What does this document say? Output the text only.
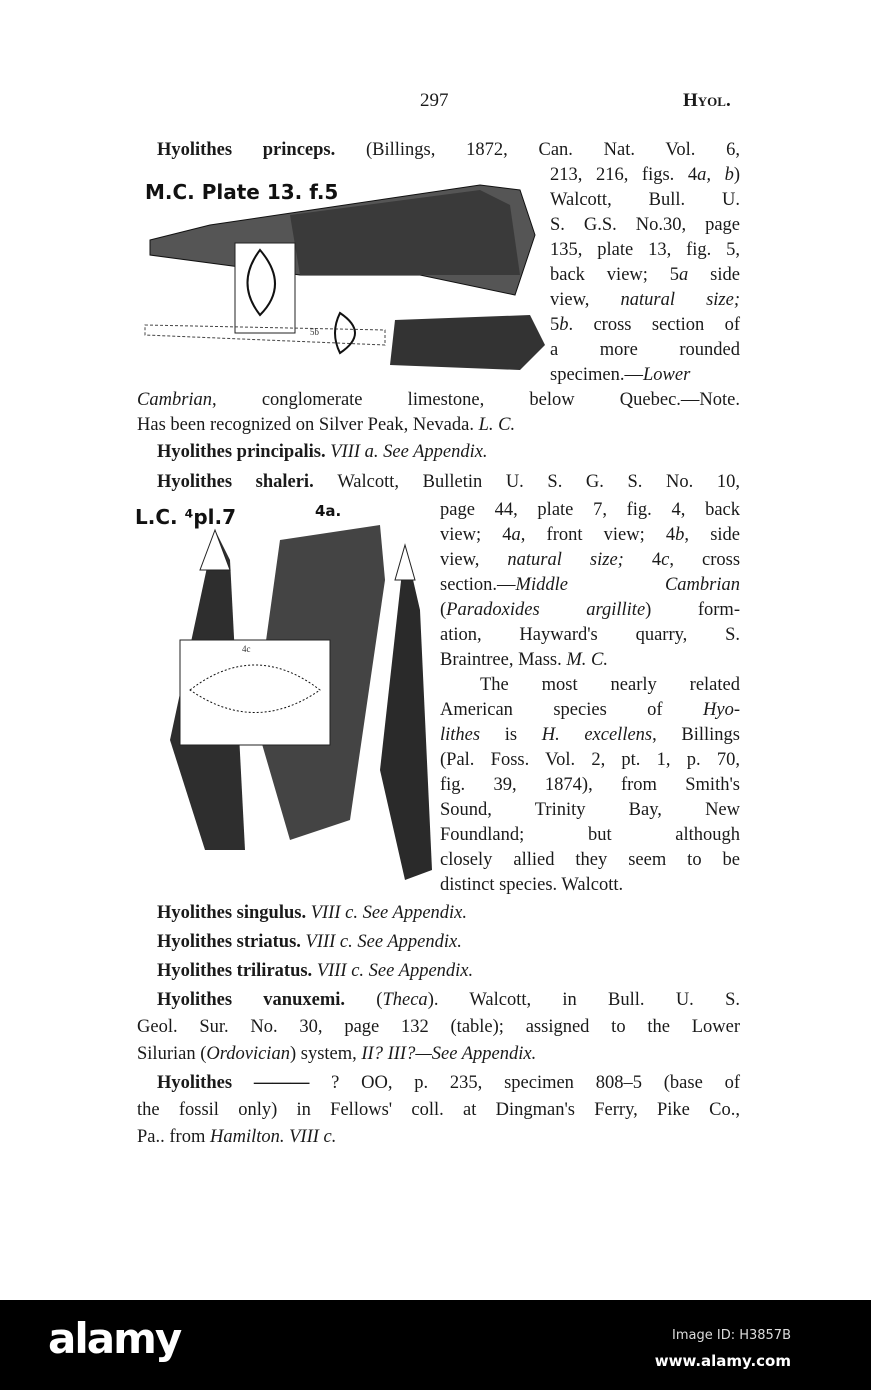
297	Hyol.
Hyolithes princeps. (Billings, 1872, Can. Nat. Vol. 6,
213, 216, figs. 4a, b)
Walcott, Bull. U.
S. G.S. No.30, page
135, plate 13, fig. 5,
back view; 5a side
view, natural size;
5b. cross section of
a more rounded
specimen.—Lower
Cambrian, conglomerate limestone, below Quebec.—Note.
Has been recognized on Silver Peak, Nevada. L. C.
Hyolithes principalis. VIII a. See Appendix.
Hyolithes shaleri. Walcott, Bulletin U. S. G. S. No. 10,
page 44, plate 7, fig. 4, back
view; 4a, front view; 4b, side
view, natural size; 4c, cross
section.—Middle Cambrian
(Paradoxides argillite) form-
ation, Hayward's quarry, S.
Braintree, Mass. M. C.
The most nearly related
American species of Hyo-
lithes is H. excellens, Billings
(Pal. Foss. Vol. 2, pt. 1, p. 70,
fig. 39, 1874), from Smith's
Sound, Trinity Bay, New
Foundland; but although
closely allied they seem to be
distinct species. Walcott.
Hyolithes singulus. VIII c. See Appendix.
Hyolithes striatus. VIII c. See Appendix.
Hyolithes triliratus. VIII c. See Appendix.
Hyolithes vanuxemi. (Theca). Walcott, in Bull. U. S.
Geol. Sur. No. 30, page 132 (table); assigned to the Lower
Silurian (Ordovician) system, II? III?—See Appendix.
Hyolithes ——— ? OO, p. 235, specimen 808–5 (base of
the fossil only) in Fellows' coll. at Dingman's Ferry, Pike Co.,
Pa.. from Hamilton. VIII c.
M.C. Plate 13. f.5
5b
L.C. ⁴pl.7	4a.
4c
alamy	Image ID: H3857B
www.alamy.com
